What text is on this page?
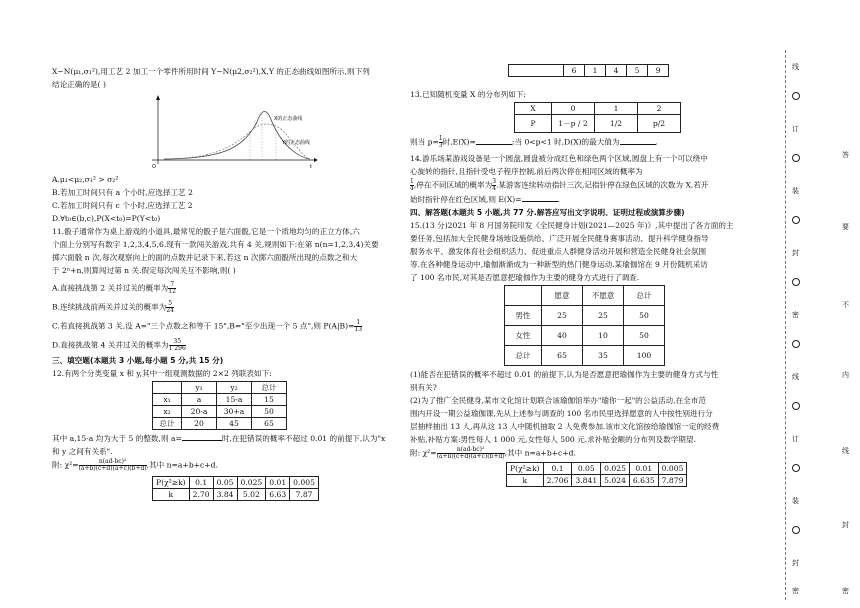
X~N(μ₁,σ₁²),用工艺 2 加工一个零件所用时间 Y~N(μ2,σ₂²),X,Y 的正态曲线如图所示,则下列
结论正确的是( )
X的正态曲线
Y的正态曲线
O	t
A.μ₁<μ₂,σ₁² > σ₂²
B.若加工时间只有 a 个小时,应选择工艺 2
C.若加工时间只有 c 个小时,应选择工艺 2
D.∀t₀∈(b,c),P(X<t₀)=P(Y<t₀)
11.骰子通常作为桌上游戏的小道具,最常见的骰子是六面骰,它是一个质地均匀的正立方体,六
个面上分别写有数字 1,2,3,4,5,6.现有一款闯关游戏,共有 4 关,规则如下:在第 n(n=1,2,3,4)关要
掷六面骰 n 次,每次观察向上的面的点数并记录下来,若这 n 次掷六面骰所出现的点数之和大
于 2ⁿ+n,则算闯过第 n 关.假定每次闯关互不影响,则( )
A.直接挑战第 2 关并过关的概率为 $\frac{7}{12}$
B.连续挑战前两关并过关的概率为 $\frac{5}{24}$
C.若直接挑战第 3 关,设 A="三个点数之和等于 15",B="至少出现一个 5 点",则 $P(A|B)= \frac{1}{13}$
D.直接挑战第 4 关并过关的概率为 $\frac{35}{1 296}$
三、填空题(本题共 3 小题,每小题 5 分,共 15 分)
12.有两个分类变量 x 和 y,其中一组观测数据的 2×2 列联表如下:
	y₁	y₂	总计
x₁	a	15-a	15
x₂	20-a	30+a	50
总计	20	45	65
其中 a,15-a 均为大于 5 的整数,则 a=	时,在犯错误的概率不超过 0.01 的前提下,认为"x
和 y 之间有关系".
附: $\chi^2= \frac{\text{n(ad-bc)²}}{(a+b)(c+d)(a+c)(b+d)}$ ,其中 n=a+b+c+d.
P(χ²≥k)	0.1	0.05	0.025	0.01	0.005
k	2.70	3.84	5.02	6.63	7.87
	6	1	4	5	9
13.已知随机变量 X 的分布列如下:
X	0	1	2
P	1－p / 2	1/2	p/2
则当 $p= \frac{1}{3}$ 时,E(X)=	;当 0<p<1 时,D(X)的最大值为	.
14.游乐场某游戏设备是一个圆盘,圆盘被分成红色和绿色两个区域,圆盘上有一个可以绕中
心旋转的指针,且指针受电子程序控制,前后两次停在相同区域的概率为
$\frac{1}{4}$ ,停在不同区域的概率为 $\frac{3}{4}$ .某游客连续转动指针三次,记指针停在绿色区域的次数为 X,若开
始时指针停在红色区域,则 E(X)=	.
四、解答题(本题共 5 小题,共 77 分.解答应写出文字说明、证明过程或演算步骤)
15.(13 分)2021 年 8 月国务院印发《全民健身计划(2021—2025 年)》,其中提出了各方面的主
要任务,包括加大全民健身场地设施供给、广泛开展全民健身赛事活动、提升科学健身指导
服务水平、激发体育社会组织活力、促进重点人群健身活动开展和营造全民健身社会氛围
等.在各种健身运动中,瑜伽渐渐成为一种新型的热门健身运动.某瑜伽馆在 9 月份随机采访
了 100 名市民,对其是否愿意把瑜伽作为主要的健身方式进行了调查.
	愿意	不愿意	总计
男性	25	25	50
女性	40	10	50
总计	65	35	100
(1)能否在犯错误的概率不超过 0.01 的前提下,认为是否愿意把瑜伽作为主要的健身方式与性
别有关?
(2)为了推广全民健身,某市文化馆计划联合该瑜伽馆举办"瑜你一起"的公益活动,在全市范
围内开设一期公益瑜伽课,先从上述参与调查的 100 名市民里选择愿意的人中按性别进行分
层抽样抽出 13 人,再从这 13 人中随机抽取 2 人免费参加.该市文化馆按给瑜伽馆一定的经费
补贴,补贴方案:男性每人 1 000 元,女性每人 500 元.求补贴金额的分布列及数学期望.
附: $\chi^2= \frac{\text{n(ad-bc)²}}{(a+b)(c+d)(a+c)(b+d)}$ ,其中 n=a+b+c+d.
P(χ²≥k)	0.1	0.05	0.025	0.01	0.005
k	2.706	3.841	5.024	6.635	7.879
线
订
装
封
密
线
订
装
封
密
答
要
不
内
线
封
密
